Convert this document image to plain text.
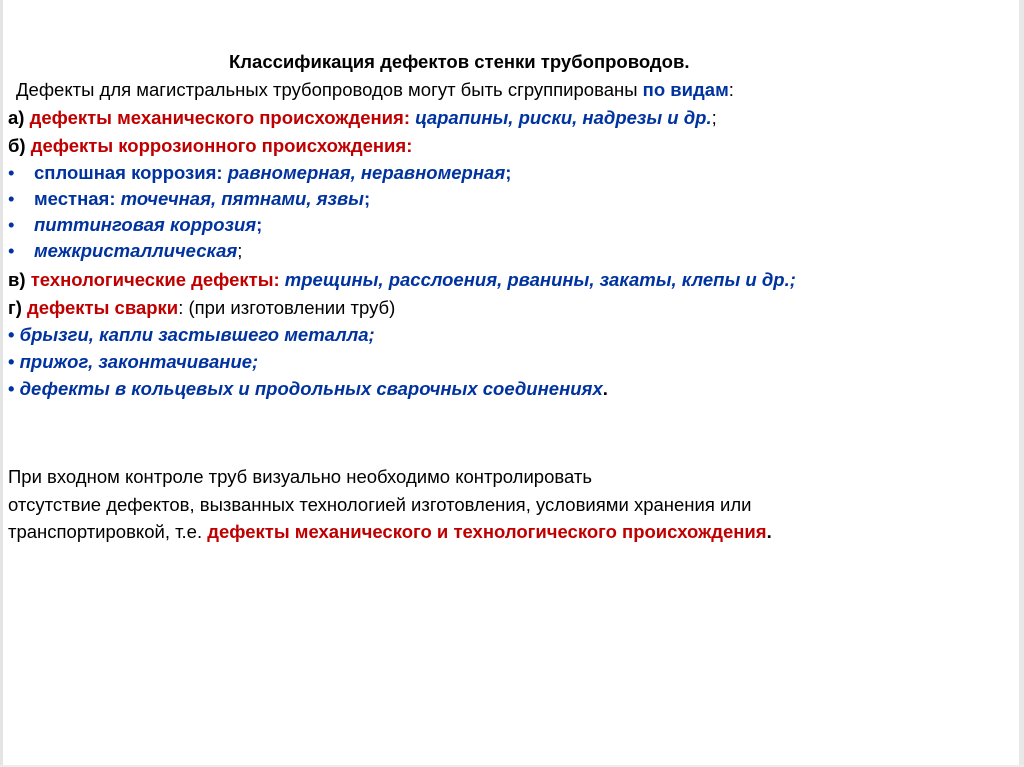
Классификация дефектов стенки трубопроводов.
Дефекты для магистральных трубопроводов могут быть сгруппированы по видам:
а) дефекты механического происхождения: царапины, риски, надрезы и др.;
б) дефекты коррозионного происхождения:
• сплошная коррозия: равномерная, неравномерная;
• местная: точечная, пятнами, язвы;
• питтинговая коррозия;
• межкристаллическая;
в) технологические дефекты: трещины, расслоения, рванины, закаты, клепы и др.;
г) дефекты сварки: (при изготовлении труб)
• брызги, капли застывшего металла;
• прижог, законтачивание;
• дефекты в кольцевых и продольных сварочных соединениях.
При входном контроле труб визуально необходимо контролировать
отсутствие дефектов, вызванных технологией изготовления, условиями хранения или
транспортировкой, т.е. дефекты механического и технологического происхождения.
